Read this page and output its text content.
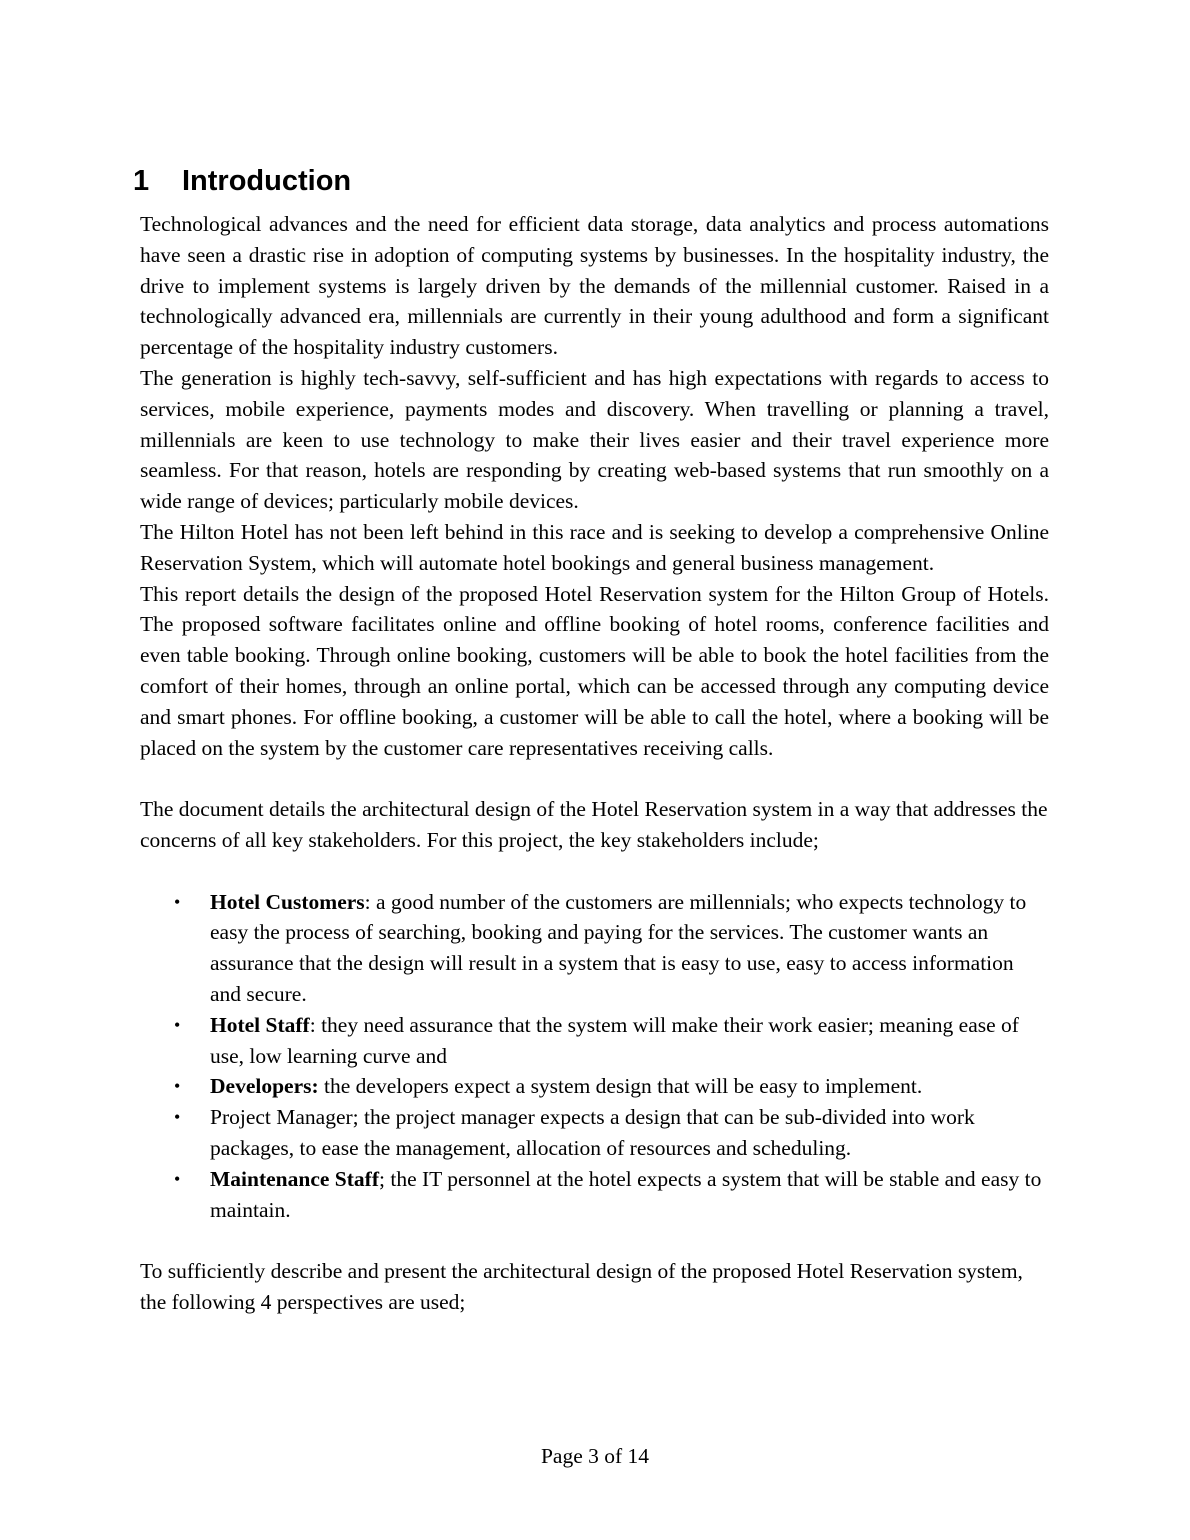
1 Introduction

Technological advances and the need for efficient data storage, data analytics and process automations have seen a drastic rise in adoption of computing systems by businesses. In the hospitality industry, the drive to implement systems is largely driven by the demands of the millennial customer. Raised in a technologically advanced era, millennials are currently in their young adulthood and form a significant percentage of the hospitality industry customers.

The generation is highly tech-savvy, self-sufficient and has high expectations with regards to access to services, mobile experience, payments modes and discovery. When travelling or planning a travel, millennials are keen to use technology to make their lives easier and their travel experience more seamless. For that reason, hotels are responding by creating web-based systems that run smoothly on a wide range of devices; particularly mobile devices.

The Hilton Hotel has not been left behind in this race and is seeking to develop a comprehensive Online Reservation System, which will automate hotel bookings and general business management.

This report details the design of the proposed Hotel Reservation system for the Hilton Group of Hotels. The proposed software facilitates online and offline booking of hotel rooms, conference facilities and even table booking. Through online booking, customers will be able to book the hotel facilities from the comfort of their homes, through an online portal, which can be accessed through any computing device and smart phones. For offline booking, a customer will be able to call the hotel, where a booking will be placed on the system by the customer care representatives receiving calls.

The document details the architectural design of the Hotel Reservation system in a way that addresses the concerns of all key stakeholders. For this project, the key stakeholders include;

• Hotel Customers: a good number of the customers are millennials; who expects technology to easy the process of searching, booking and paying for the services. The customer wants an assurance that the design will result in a system that is easy to use, easy to access information and secure.
• Hotel Staff: they need assurance that the system will make their work easier; meaning ease of use, low learning curve and
• Developers: the developers expect a system design that will be easy to implement.
• Project Manager; the project manager expects a design that can be sub-divided into work packages, to ease the management, allocation of resources and scheduling.
• Maintenance Staff; the IT personnel at the hotel expects a system that will be stable and easy to maintain.

To sufficiently describe and present the architectural design of the proposed Hotel Reservation system, the following 4 perspectives are used;

Page 3 of 14
